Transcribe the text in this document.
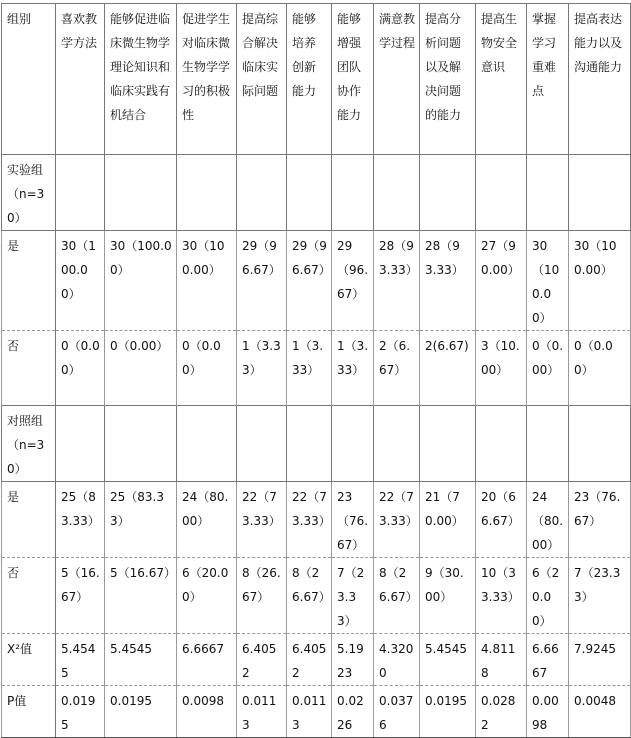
组别	喜欢教学方法	能够促进临床微生物学理论知识和临床实践有机结合	促进学生对临床微生物学学习的积极性	提高综合解决临床实际问题	能够培养创新能力	能够增强团队协作能力	满意教学过程	提高分析问题以及解决问题的能力	提高生物安全意识	掌握学习重难点	提高表达能力以及沟通能力
实验组（n=30）											
是	30（100.00）	30（100.00）	30（100.00）	29（96.67）	29（96.67）	29（96.67）	28（93.33）	28（93.33）	27（90.00）	30（100.00）	30（100.00）
否	0（0.00）	0（0.00）	0（0.00）	1（3.33）	1（3.33）	1（3.33）	2（6.67）	2(6.67)	3（10.00）	0（0.00）	0（0.00）
对照组（n=30）											
是	25（83.33）	25（83.33）	24（80.00）	22（73.33）	22（73.33）	23（76.67）	22（73.33）	21（70.00）	20（66.67）	24（80.00）	23（76.67）
否	5（16.67）	5（16.67）	6（20.00）	8（26.67）	8（26.67）	7（23.33）	8（26.67）	9（30.00）	10（33.33）	6（20.00）	7（23.33）
Χ²值	5.4545	5.4545	6.6667	6.4052	6.4052	5.1923	4.3200	5.4545	4.8118	6.6667	7.9245
P值	0.0195	0.0195	0.0098	0.0113	0.0113	0.0226	0.0376	0.0195	0.0282	0.0098	0.0048
